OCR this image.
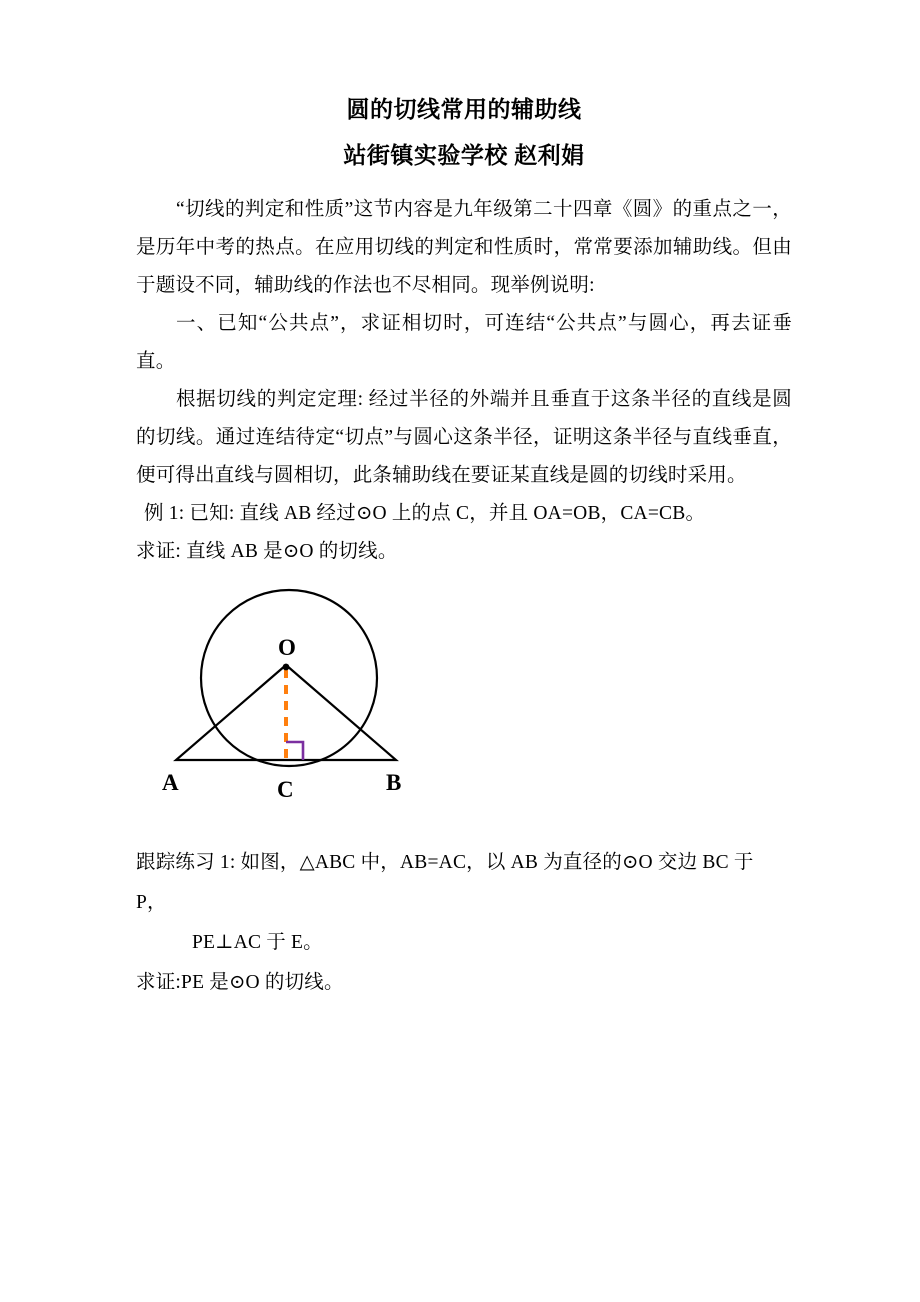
圆的切线常用的辅助线
站街镇实验学校 赵利娟

“切线的判定和性质”这节内容是九年级第二十四章《圆》的重点之一，是历年中考的热点。在应用切线的判定和性质时，常常要添加辅助线。但由于题设不同，辅助线的作法也不尽相同。现举例说明:

一、已知“公共点”，求证相切时，可连结“公共点”与圆心，再去证垂直。

根据切线的判定定理: 经过半径的外端并且垂直于这条半径的直线是圆的切线。通过连结待定“切点”与圆心这条半径，证明这条半径与直线垂直，便可得出直线与圆相切，此条辅助线在要证某直线是圆的切线时采用。

例 1: 已知: 直线 AB 经过⊙O 上的点 C，并且 OA=OB，CA=CB。

求证: 直线 AB 是⊙O 的切线。

O
A	B
C

跟踪练习 1: 如图，△ABC 中，AB=AC，以 AB 为直径的⊙O 交边 BC 于

P，

PE⊥AC 于 E。

求证:PE 是⊙O 的切线。
